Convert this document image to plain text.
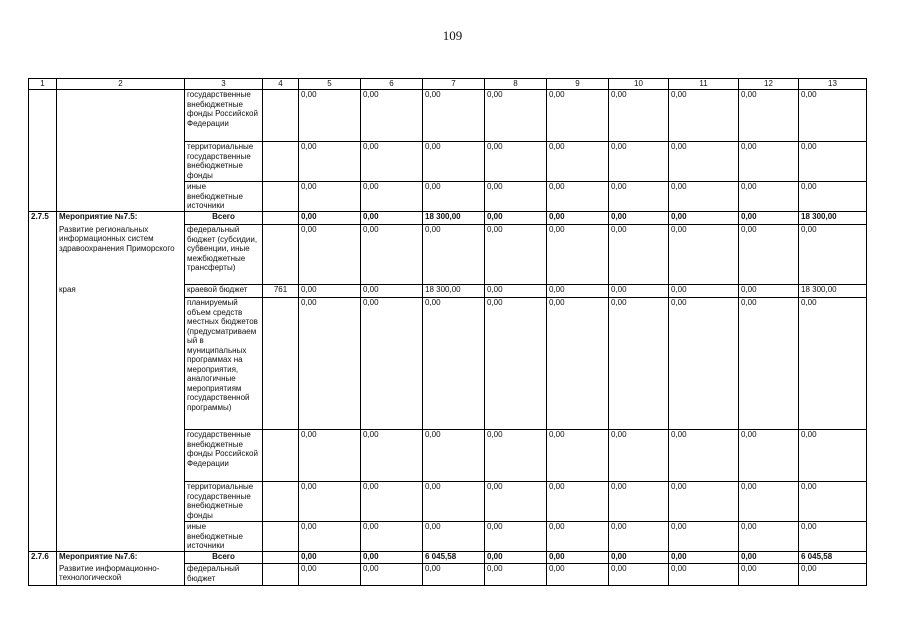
109
1	2	3	4	5	6	7	8	9	10	11	12	13
		государственные внебюджетные фонды Российской Федерации		0,00	0,00	0,00	0,00	0,00	0,00	0,00	0,00	0,00
		территориальные государственные внебюджетные фонды		0,00	0,00	0,00	0,00	0,00	0,00	0,00	0,00	0,00
		иные внебюджетные источники		0,00	0,00	0,00	0,00	0,00	0,00	0,00	0,00	0,00
2.7.5	Мероприятие №7.5:	Всего		0,00	0,00	18 300,00	0,00	0,00	0,00	0,00	0,00	18 300,00
	Развитие региональных информационных систем здравоохранения Приморского	федеральный бюджет (субсидии, субвенции, иные межбюджетные трансферты)		0,00	0,00	0,00	0,00	0,00	0,00	0,00	0,00	0,00
	края	краевой бюджет	761	0,00	0,00	18 300,00	0,00	0,00	0,00	0,00	0,00	18 300,00
		планируемый объем средств местных бюджетов (предусматриваемый в муниципальных программах на мероприятия, аналогичные мероприятиям государственной программы)		0,00	0,00	0,00	0,00	0,00	0,00	0,00	0,00	0,00
		государственные внебюджетные фонды Российской Федерации		0,00	0,00	0,00	0,00	0,00	0,00	0,00	0,00	0,00
		территориальные государственные внебюджетные фонды		0,00	0,00	0,00	0,00	0,00	0,00	0,00	0,00	0,00
		иные внебюджетные источники		0,00	0,00	0,00	0,00	0,00	0,00	0,00	0,00	0,00
2.7.6	Мероприятие №7.6:	Всего		0,00	0,00	6 045,58	0,00	0,00	0,00	0,00	0,00	6 045,58
	Развитие информационно-технологической	федеральный бюджет		0,00	0,00	0,00	0,00	0,00	0,00	0,00	0,00	0,00
